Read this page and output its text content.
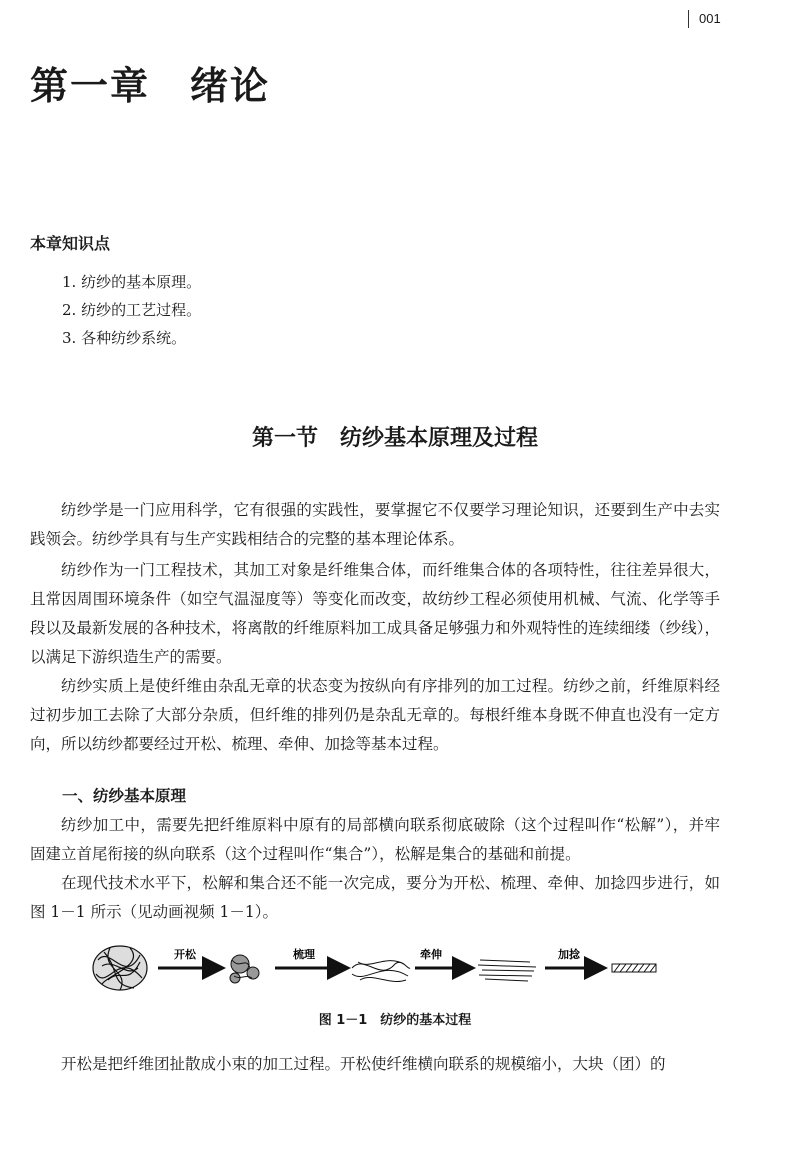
001
第一章　绪论
本章知识点
1. 纺纱的基本原理。
2. 纺纱的工艺过程。
3. 各种纺纱系统。
第一节　纺纱基本原理及过程

纺纱学是一门应用科学，它有很强的实践性，要掌握它不仅要学习理论知识，还要到生产中去实践领会。纺纱学具有与生产实践相结合的完整的基本理论体系。

纺纱作为一门工程技术，其加工对象是纤维集合体，而纤维集合体的各项特性，往往差异很大，且常因周围环境条件（如空气温湿度等）等变化而改变，故纺纱工程必须使用机械、气流、化学等手段以及最新发展的各种技术，将离散的纤维原料加工成具备足够强力和外观特性的连续细缕（纱线），以满足下游织造生产的需要。

纺纱实质上是使纤维由杂乱无章的状态变为按纵向有序排列的加工过程。纺纱之前，纤维原料经过初步加工去除了大部分杂质，但纤维的排列仍是杂乱无章的。每根纤维本身既不伸直也没有一定方向，所以纺纱都要经过开松、梳理、牵伸、加捻等基本过程。

一、纺纱基本原理

纺纱加工中，需要先把纤维原料中原有的局部横向联系彻底破除（这个过程叫作“松解”），并牢固建立首尾衔接的纵向联系（这个过程叫作“集合”），松解是集合的基础和前提。

在现代技术水平下，松解和集合还不能一次完成，要分为开松、梳理、牵伸、加捻四步进行，如图 1－1 所示（见动画视频 1－1）。

开松	梳理	牵伸	加捻
图 1－1　纺纱的基本过程

开松是把纤维团扯散成小束的加工过程。开松使纤维横向联系的规模缩小，大块（团）的
